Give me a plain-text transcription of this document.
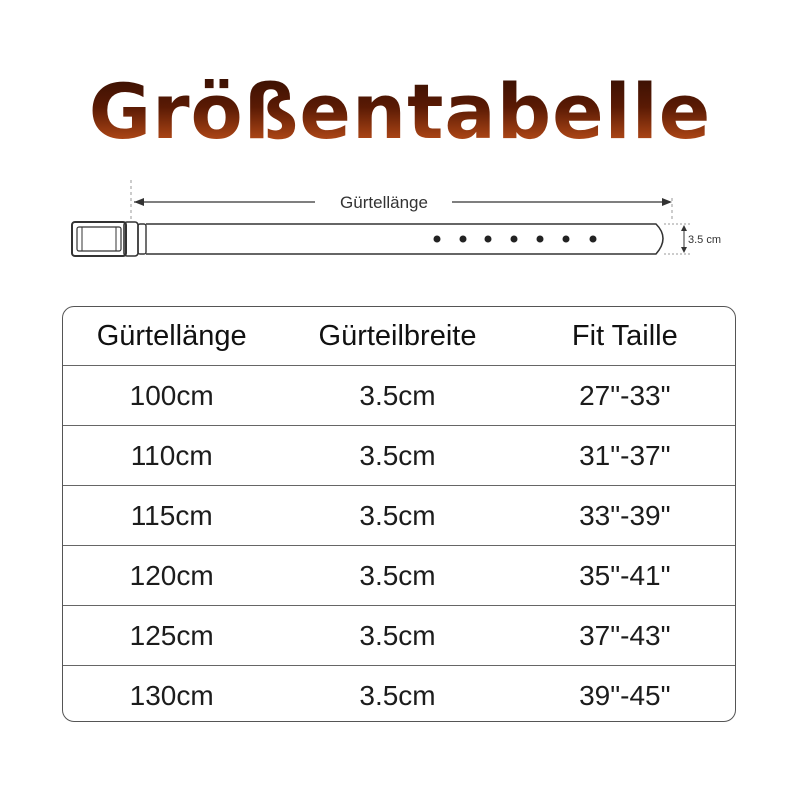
Größentabelle
Gürtellänge
3.5 cm
Gürtellänge	Gürteilbreite	Fit Taille
100cm	3.5cm	27"-33"
110cm	3.5cm	31"-37"
115cm	3.5cm	33"-39"
120cm	3.5cm	35"-41"
125cm	3.5cm	37"-43"
130cm	3.5cm	39"-45"
